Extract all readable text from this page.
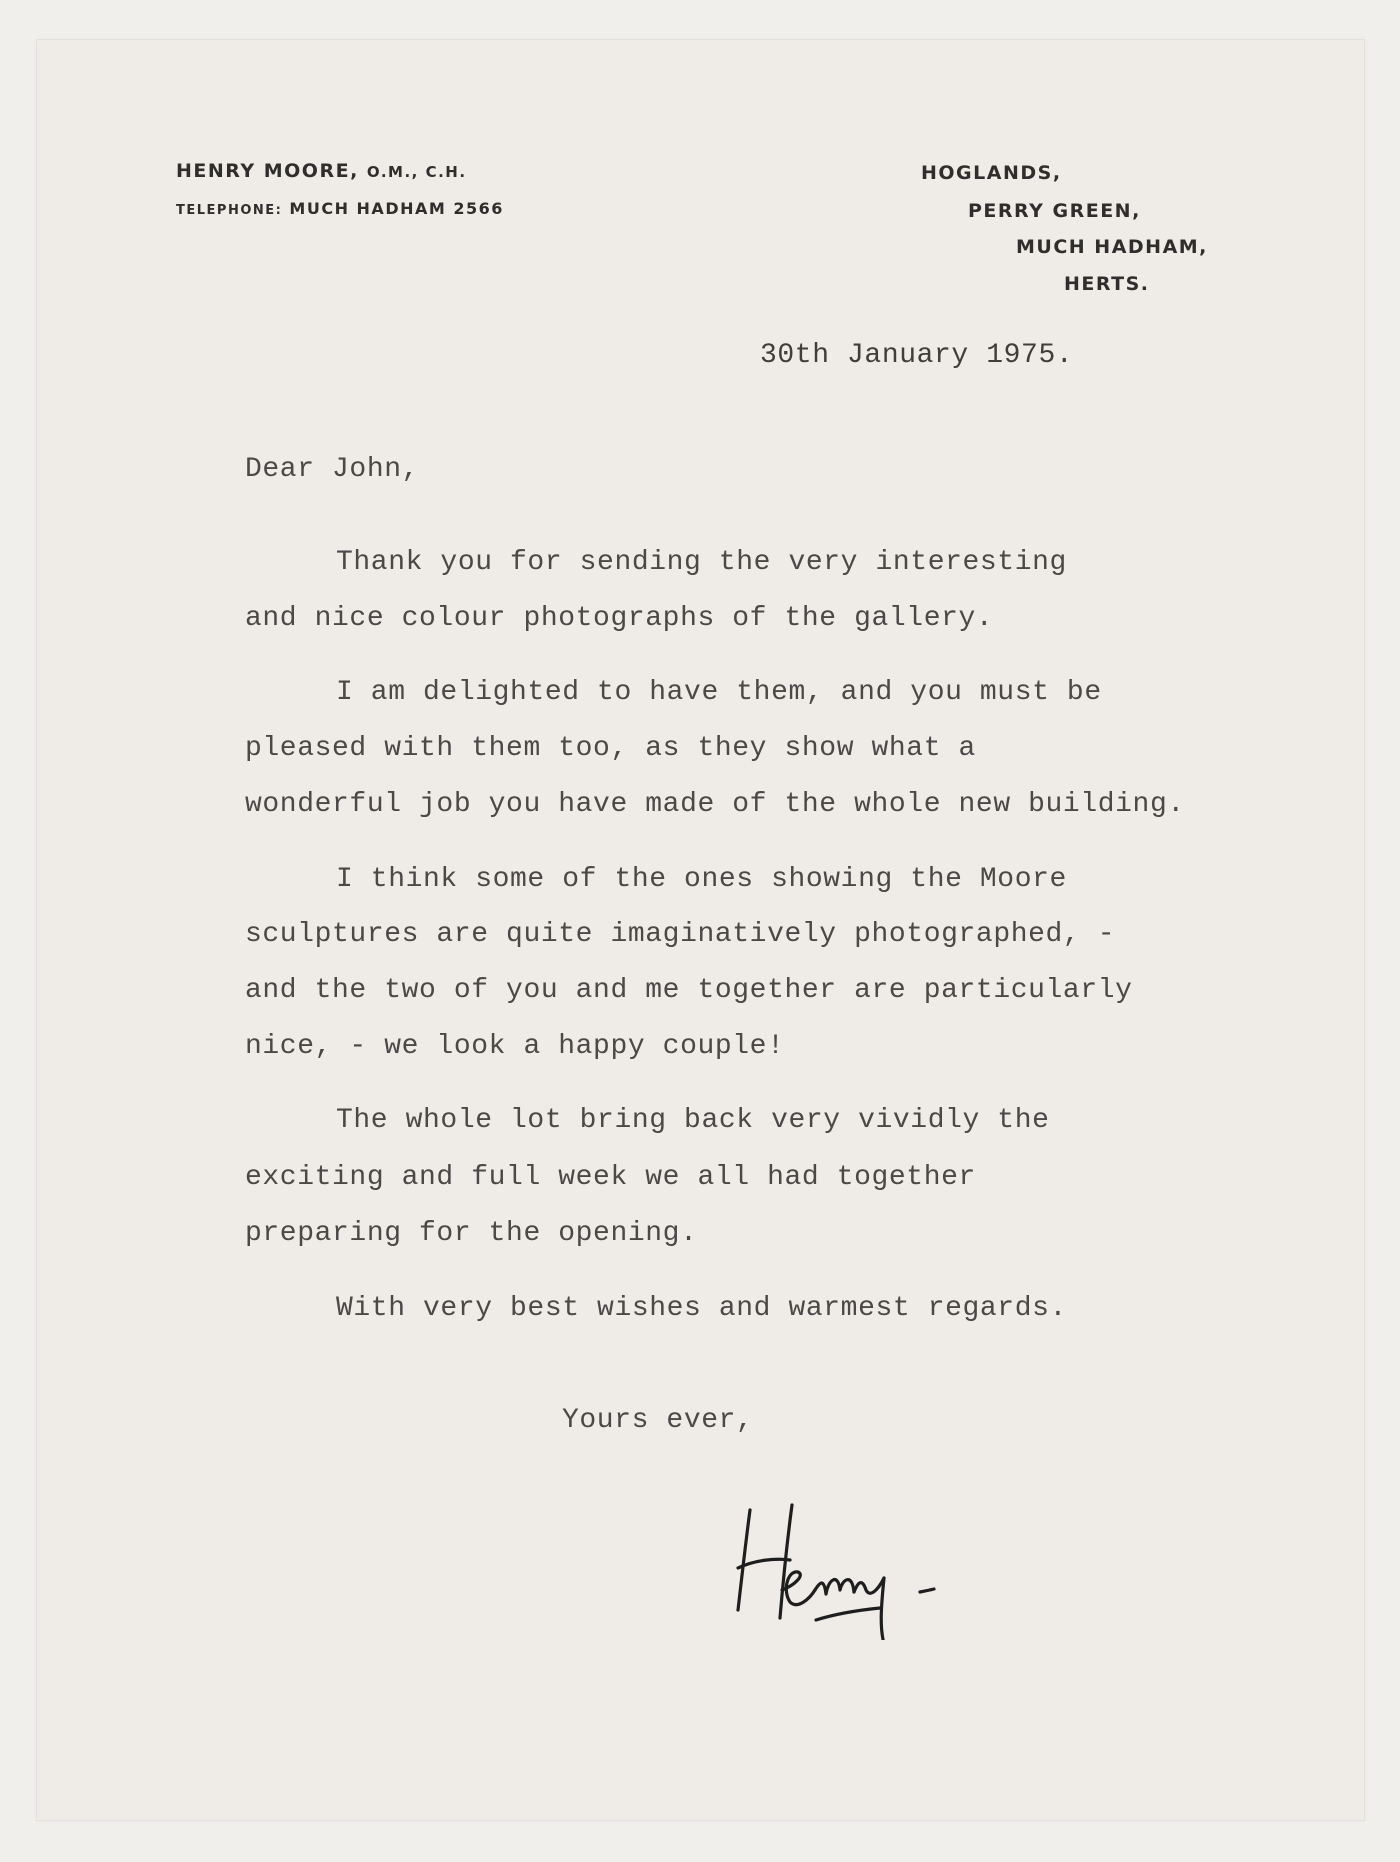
HENRY MOORE, O.M., C.H.
TELEPHONE: MUCH HADHAM 2566
HOGLANDS,
PERRY GREEN,
MUCH HADHAM,
HERTS.
30th January 1975.
Dear John,
Thank you for sending the very interesting
and nice colour photographs of the gallery.
I am delighted to have them, and you must be
pleased with them too, as they show what a
wonderful job you have made of the whole new building.
I think some of the ones showing the Moore
sculptures are quite imaginatively photographed, -
and the two of you and me together are particularly
nice, - we look a happy couple!
The whole lot bring back very vividly the
exciting and full week we all had together
preparing for the opening.
With very best wishes and warmest regards.
Yours ever,
